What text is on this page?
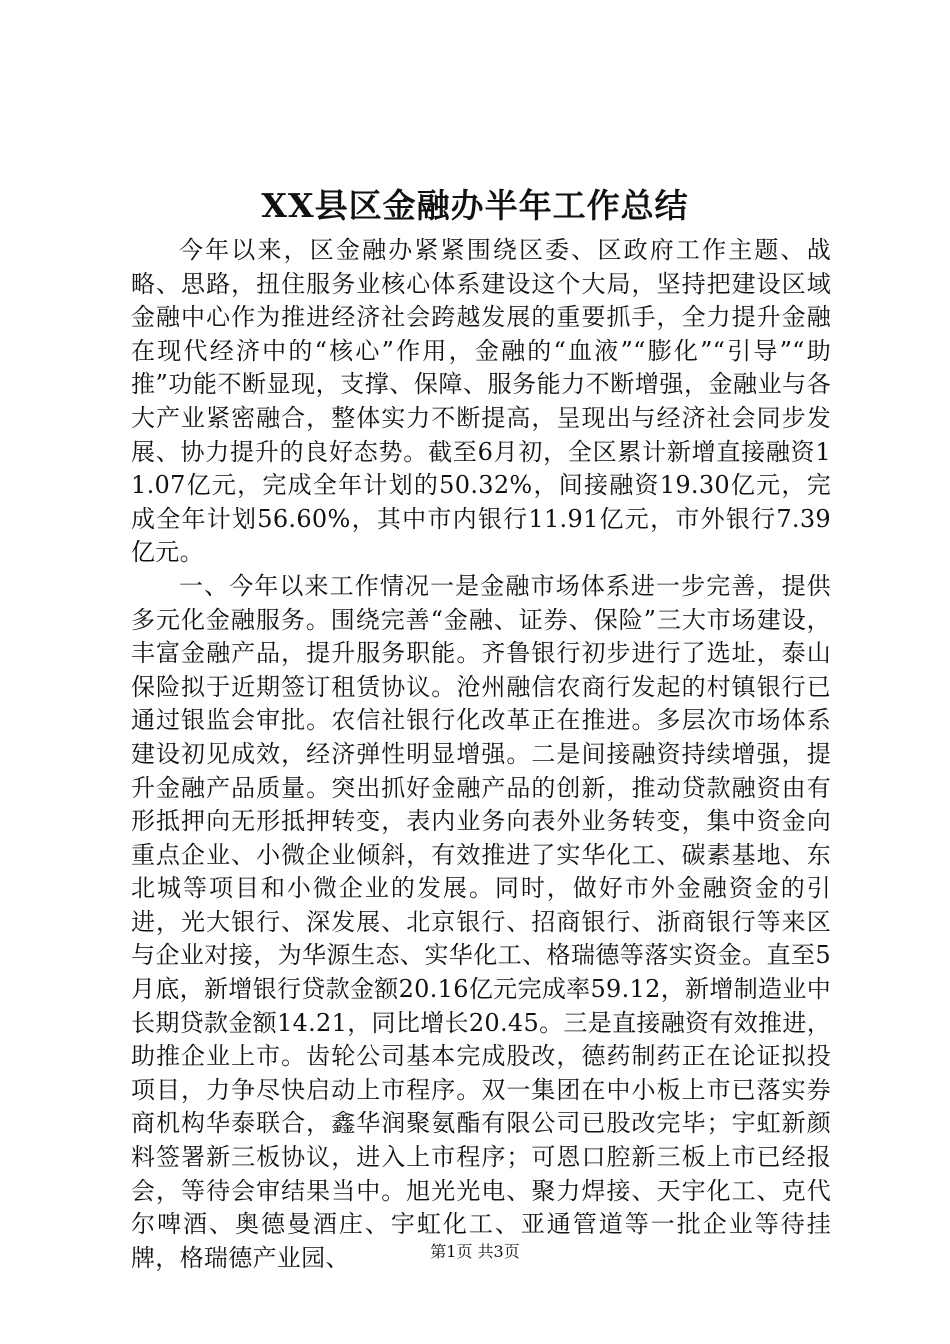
XX县区金融办半年工作总结

今年以来，区金融办紧紧围绕区委、区政府工作主题、战略、思路，扭住服务业核心体系建设这个大局，坚持把建设区域金融中心作为推进经济社会跨越发展的重要抓手，全力提升金融在现代经济中的“核心”作用，金融的“血液”“膨化”“引导”“助推”功能不断显现，支撑、保障、服务能力不断增强，金融业与各大产业紧密融合，整体实力不断提高，呈现出与经济社会同步发展、协力提升的良好态势。截至6月初，全区累计新增直接融资11.07亿元，完成全年计划的50.32%，间接融资19.30亿元，完成全年计划56.60%，其中市内银行11.91亿元，市外银行7.39亿元。

一、今年以来工作情况一是金融市场体系进一步完善，提供多元化金融服务。围绕完善“金融、证券、保险”三大市场建设，丰富金融产品，提升服务职能。齐鲁银行初步进行了选址，泰山保险拟于近期签订租赁协议。沧州融信农商行发起的村镇银行已通过银监会审批。农信社银行化改革正在推进。多层次市场体系建设初见成效，经济弹性明显增强。二是间接融资持续增强，提升金融产品质量。突出抓好金融产品的创新，推动贷款融资由有形抵押向无形抵押转变，表内业务向表外业务转变，集中资金向重点企业、小微企业倾斜，有效推进了实华化工、碳素基地、东北城等项目和小微企业的发展。同时，做好市外金融资金的引进，光大银行、深发展、北京银行、招商银行、浙商银行等来区与企业对接，为华源生态、实华化工、格瑞德等落实资金。直至5月底，新增银行贷款金额20.16亿元完成率59.12，新增制造业中长期贷款金额14.21，同比增长20.45。三是直接融资有效推进，助推企业上市。齿轮公司基本完成股改，德药制药正在论证拟投项目，力争尽快启动上市程序。双一集团在中小板上市已落实券商机构华泰联合，鑫华润聚氨酯有限公司已股改完毕；宇虹新颜料签署新三板协议，进入上市程序；可恩口腔新三板上市已经报会，等待会审结果当中。旭光光电、聚力焊接、天宇化工、克代尔啤酒、奥德曼酒庄、宇虹化工、亚通管道等一批企业等待挂牌，格瑞德产业园、	第1页 共3页
